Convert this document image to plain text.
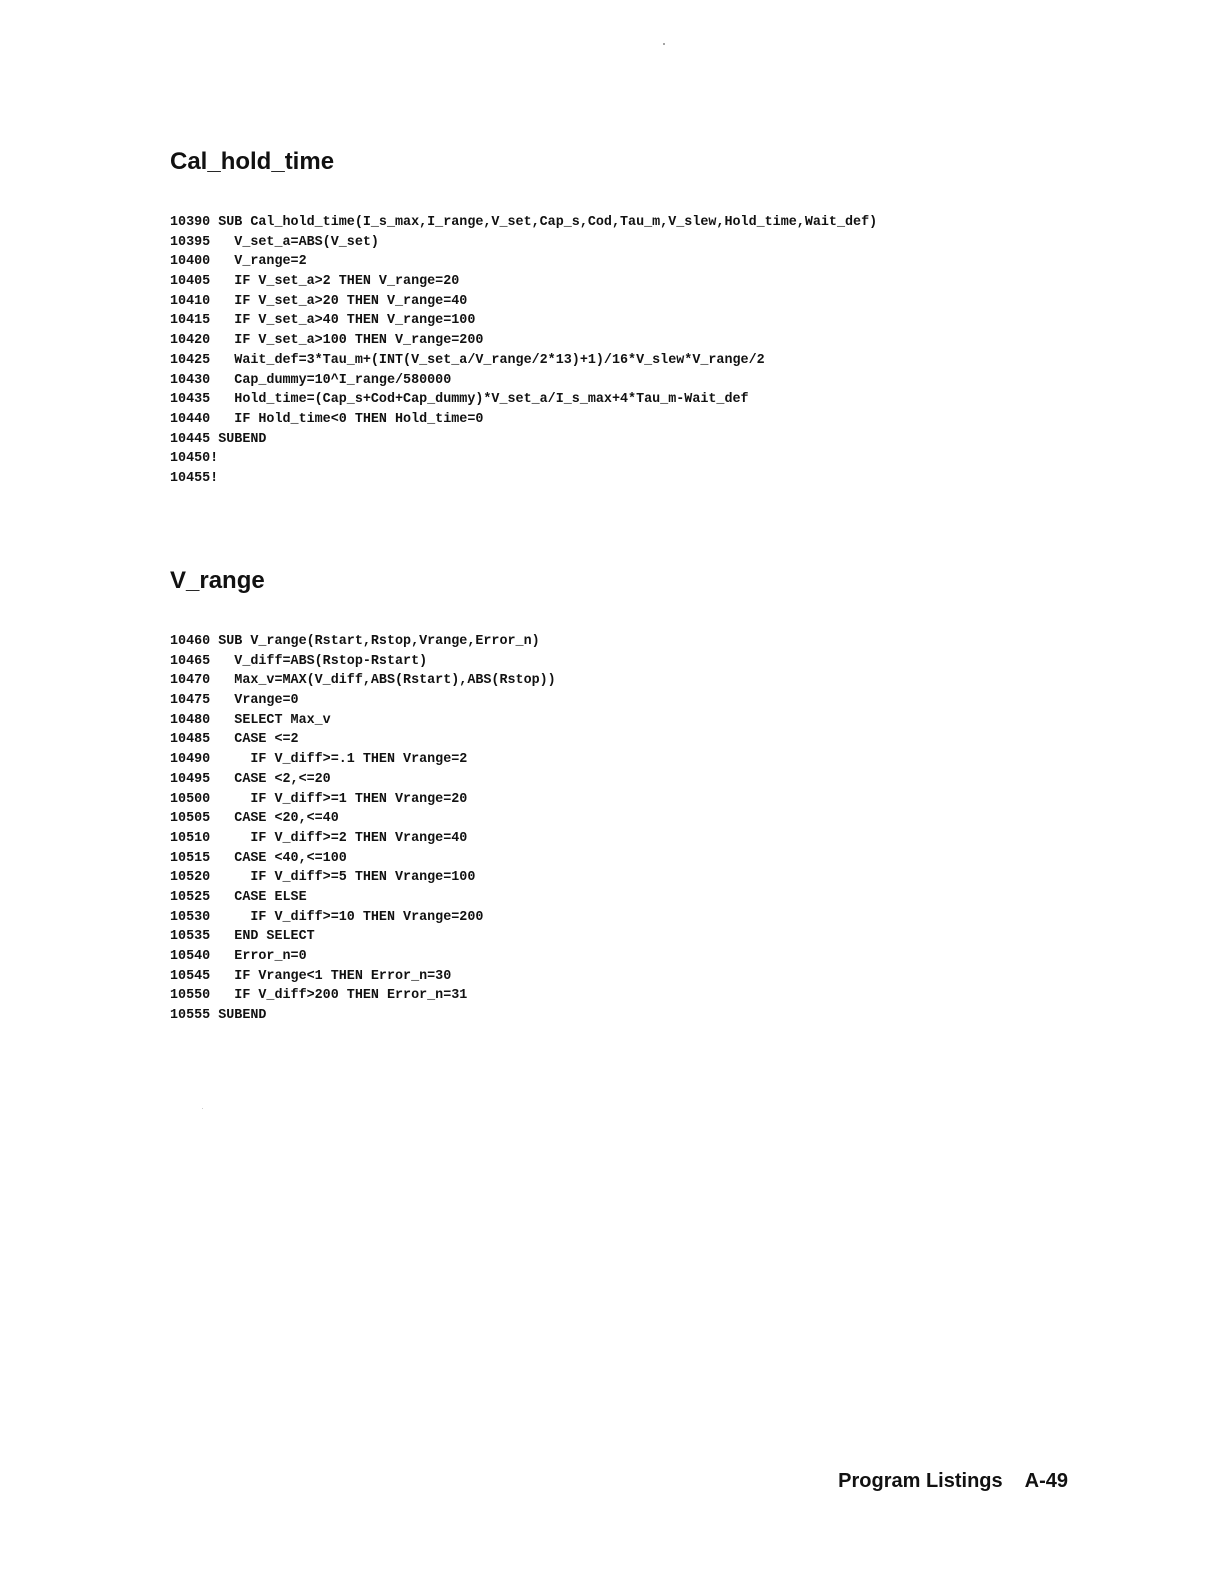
Cal_hold_time
10390 SUB Cal_hold_time(I_s_max,I_range,V_set,Cap_s,Cod,Tau_m,V_slew,Hold_time,Wait_def)
10395   V_set_a=ABS(V_set)
10400   V_range=2
10405   IF V_set_a>2 THEN V_range=20
10410   IF V_set_a>20 THEN V_range=40
10415   IF V_set_a>40 THEN V_range=100
10420   IF V_set_a>100 THEN V_range=200
10425   Wait_def=3*Tau_m+(INT(V_set_a/V_range/2*13)+1)/16*V_slew*V_range/2
10430   Cap_dummy=10^I_range/580000
10435   Hold_time=(Cap_s+Cod+Cap_dummy)*V_set_a/I_s_max+4*Tau_m-Wait_def
10440   IF Hold_time<0 THEN Hold_time=0
10445 SUBEND
10450!
10455!
V_range
10460 SUB V_range(Rstart,Rstop,Vrange,Error_n)
10465   V_diff=ABS(Rstop-Rstart)
10470   Max_v=MAX(V_diff,ABS(Rstart),ABS(Rstop))
10475   Vrange=0
10480   SELECT Max_v
10485   CASE <=2
10490     IF V_diff>=.1 THEN Vrange=2
10495   CASE <2,<=20
10500     IF V_diff>=1 THEN Vrange=20
10505   CASE <20,<=40
10510     IF V_diff>=2 THEN Vrange=40
10515   CASE <40,<=100
10520     IF V_diff>=5 THEN Vrange=100
10525   CASE ELSE
10530     IF V_diff>=10 THEN Vrange=200
10535   END SELECT
10540   Error_n=0
10545   IF Vrange<1 THEN Error_n=30
10550   IF V_diff>200 THEN Error_n=31
10555 SUBEND
Program Listings A-49
